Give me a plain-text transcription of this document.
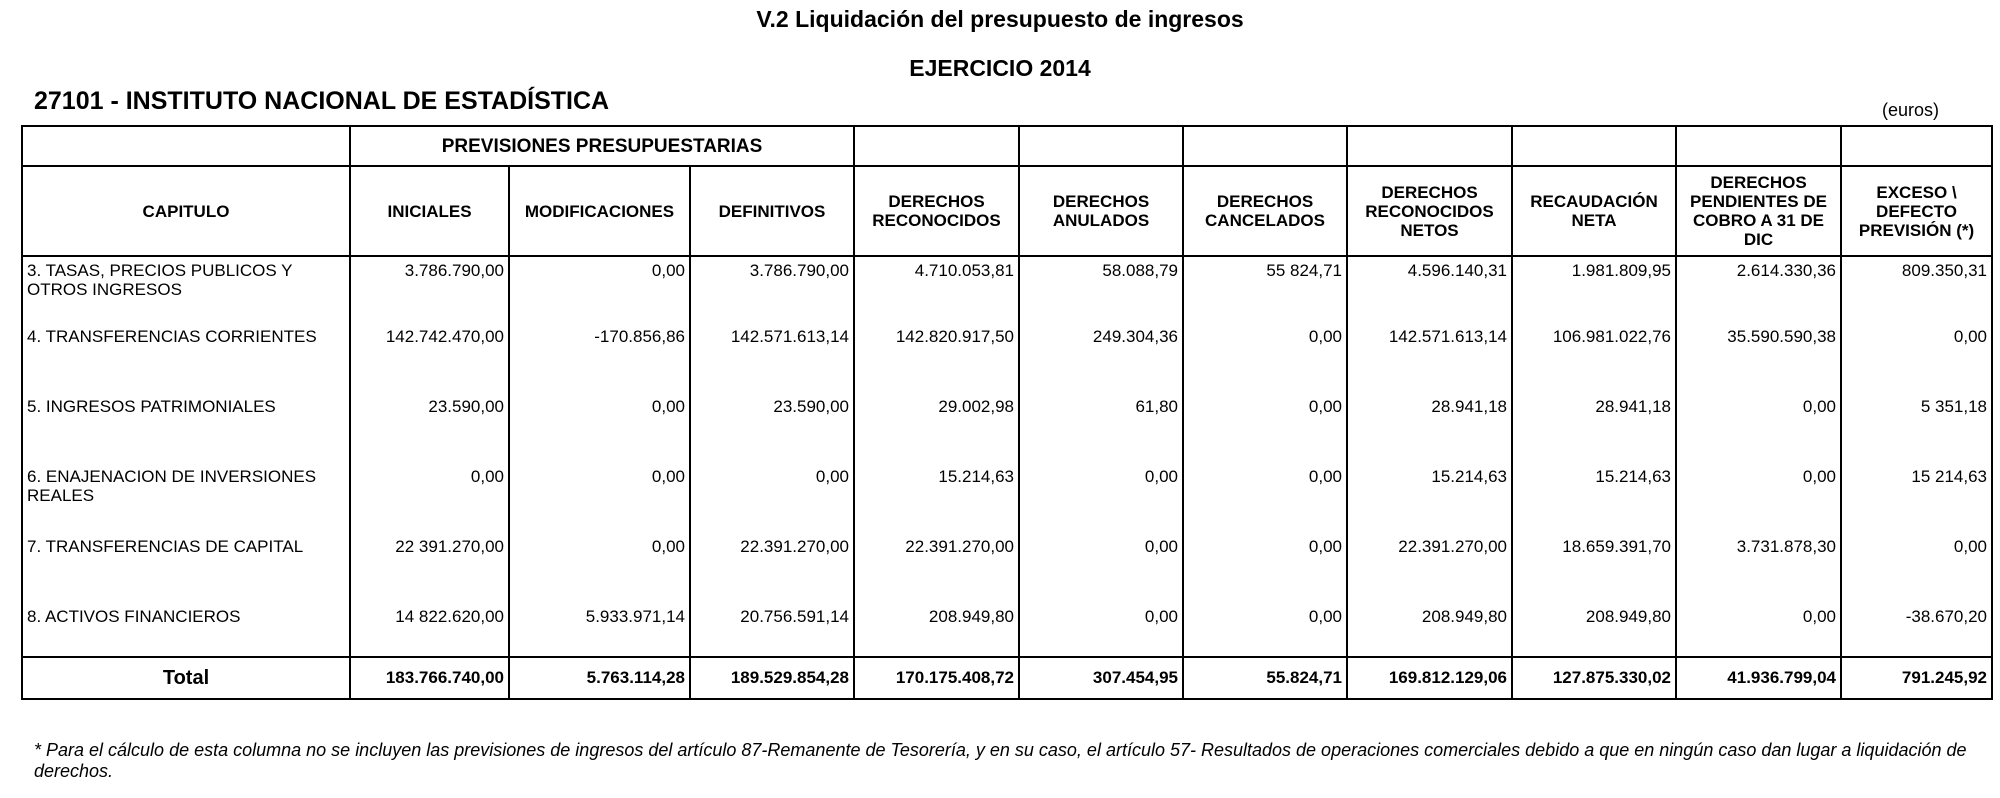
V.2 Liquidación del presupuesto de ingresos
EJERCICIO 2014
27101 - INSTITUTO NACIONAL DE ESTADÍSTICA	(euros)
	PREVISIONES PRESUPUESTARIAS									
CAPITULO	INICIALES	MODIFICACIONES	DEFINITIVOS	DERECHOS RECONOCIDOS	DERECHOS ANULADOS	DERECHOS CANCELADOS	DERECHOS RECONOCIDOS NETOS	RECAUDACIÓN NETA	DERECHOS PENDIENTES DE COBRO A 31 DE DIC	EXCESO \ DEFECTO PREVISIÓN (*)
3. TASAS, PRECIOS PUBLICOS Y OTROS INGRESOS	3.786.790,00	0,00	3.786.790,00	4.710.053,81	58.088,79	55 824,71	4.596.140,31	1.981.809,95	2.614.330,36	809.350,31
4. TRANSFERENCIAS CORRIENTES	142.742.470,00	-170.856,86	142.571.613,14	142.820.917,50	249.304,36	0,00	142.571.613,14	106.981.022,76	35.590.590,38	0,00
5. INGRESOS PATRIMONIALES	23.590,00	0,00	23.590,00	29.002,98	61,80	0,00	28.941,18	28.941,18	0,00	5 351,18
6. ENAJENACION DE INVERSIONES REALES	0,00	0,00	0,00	15.214,63	0,00	0,00	15.214,63	15.214,63	0,00	15 214,63
7. TRANSFERENCIAS DE CAPITAL	22 391.270,00	0,00	22.391.270,00	22.391.270,00	0,00	0,00	22.391.270,00	18.659.391,70	3.731.878,30	0,00
8. ACTIVOS FINANCIEROS	14 822.620,00	5.933.971,14	20.756.591,14	208.949,80	0,00	0,00	208.949,80	208.949,80	0,00	-38.670,20
Total	183.766.740,00	5.763.114,28	189.529.854,28	170.175.408,72	307.454,95	55.824,71	169.812.129,06	127.875.330,02	41.936.799,04	791.245,92
* Para el cálculo de esta columna no se incluyen las previsiones de ingresos del artículo 87-Remanente de Tesorería, y en su caso, el artículo 57- Resultados de operaciones comerciales debido a que en ningún caso dan lugar a liquidación de derechos.
